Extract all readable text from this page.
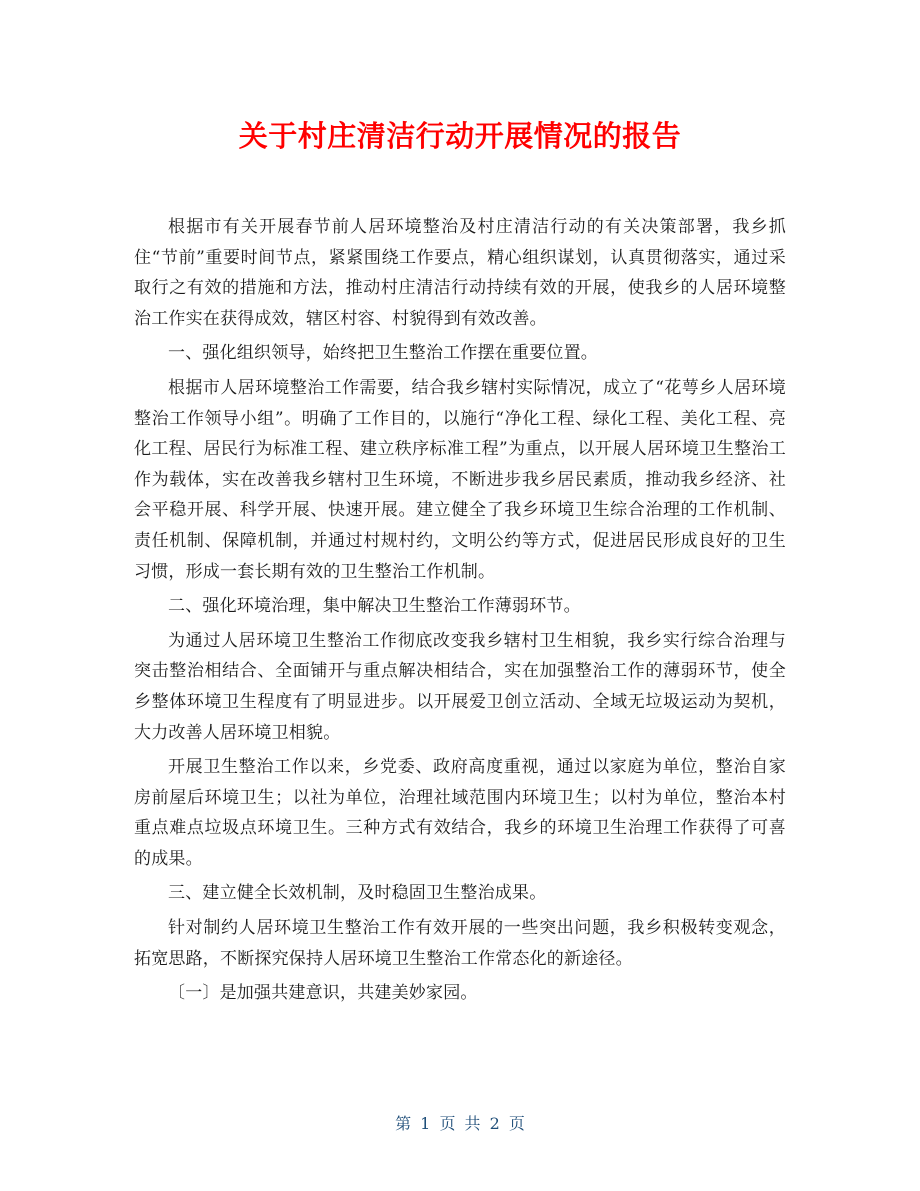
关于村庄清洁行动开展情况的报告

根据市有关开展春节前人居环境整治及村庄清洁行动的有关决策部署，我乡抓住“节前”重要时间节点，紧紧围绕工作要点，精心组织谋划，认真贯彻落实，通过采取行之有效的措施和方法，推动村庄清洁行动持续有效的开展，使我乡的人居环境整治工作实在获得成效，辖区村容、村貌得到有效改善。

一、强化组织领导，始终把卫生整治工作摆在重要位置。

根据市人居环境整治工作需要，结合我乡辖村实际情况，成立了“花萼乡人居环境整治工作领导小组”。明确了工作目的，以施行“净化工程、绿化工程、美化工程、亮化工程、居民行为标准工程、建立秩序标准工程”为重点，以开展人居环境卫生整治工作为载体，实在改善我乡辖村卫生环境，不断进步我乡居民素质，推动我乡经济、社会平稳开展、科学开展、快速开展。建立健全了我乡环境卫生综合治理的工作机制、责任机制、保障机制，并通过村规村约，文明公约等方式，促进居民形成良好的卫生习惯，形成一套长期有效的卫生整治工作机制。

二、强化环境治理，集中解决卫生整治工作薄弱环节。

为通过人居环境卫生整治工作彻底改变我乡辖村卫生相貌，我乡实行综合治理与突击整治相结合、全面铺开与重点解决相结合，实在加强整治工作的薄弱环节，使全乡整体环境卫生程度有了明显进步。以开展爱卫创立活动、全域无垃圾运动为契机，大力改善人居环境卫相貌。

开展卫生整治工作以来，乡党委、政府高度重视，通过以家庭为单位，整治自家房前屋后环境卫生；以社为单位，治理社域范围内环境卫生；以村为单位，整治本村重点难点垃圾点环境卫生。三种方式有效结合，我乡的环境卫生治理工作获得了可喜的成果。

三、建立健全长效机制，及时稳固卫生整治成果。

针对制约人居环境卫生整治工作有效开展的一些突出问题，我乡积极转变观念，拓宽思路，不断探究保持人居环境卫生整治工作常态化的新途径。

〔一〕是加强共建意识，共建美妙家园。

第 1 页 共 2 页
